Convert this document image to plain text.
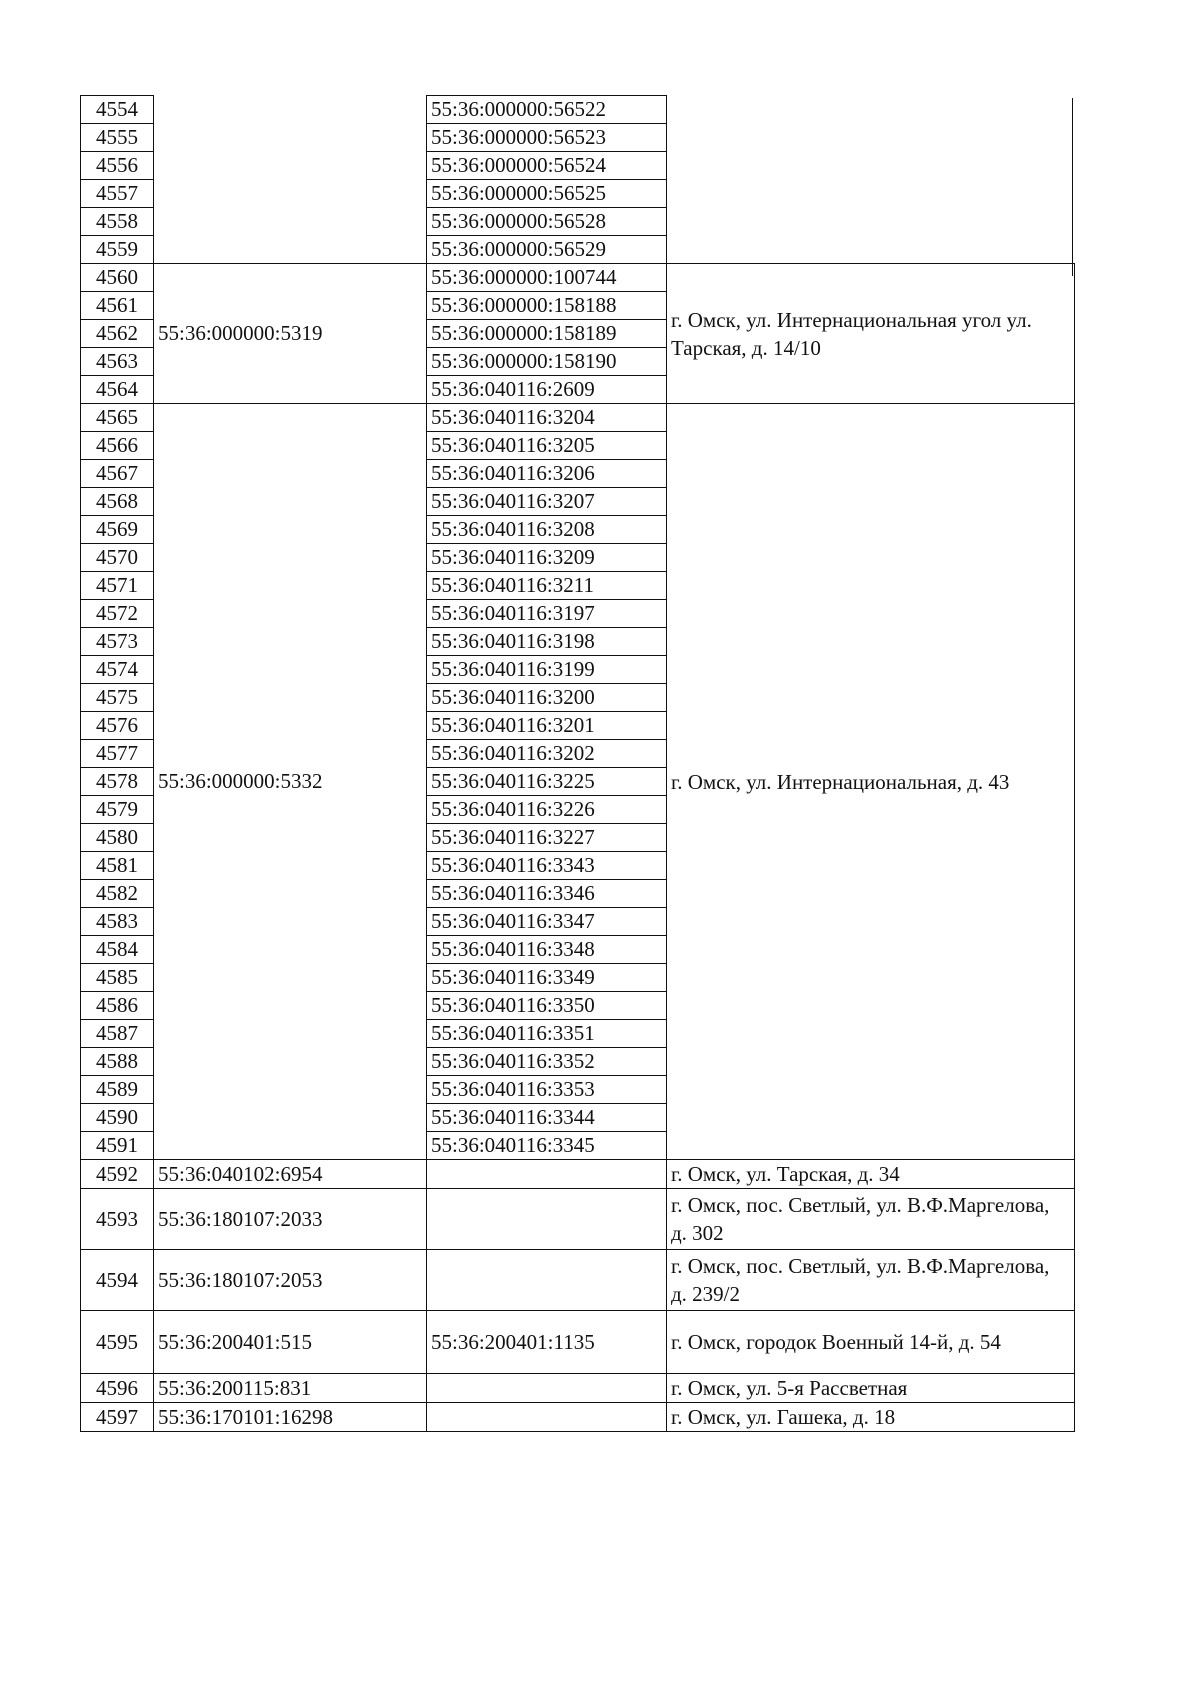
4554		55:36:000000:56522	
4555		55:36:000000:56523	
4556		55:36:000000:56524	
4557		55:36:000000:56525	
4558		55:36:000000:56528	
4559		55:36:000000:56529	
4560	55:36:000000:5319	55:36:000000:100744	г. Омск, ул. Интернациональная угол ул. Тарская, д. 14/10
4561		55:36:000000:158188	
4562		55:36:000000:158189	
4563		55:36:000000:158190	
4564		55:36:040116:2609	
4565	55:36:000000:5332	55:36:040116:3204	г. Омск, ул. Интернациональная, д. 43
4566		55:36:040116:3205	
4567		55:36:040116:3206	
4568		55:36:040116:3207	
4569		55:36:040116:3208	
4570		55:36:040116:3209	
4571		55:36:040116:3211	
4572		55:36:040116:3197	
4573		55:36:040116:3198	
4574		55:36:040116:3199	
4575		55:36:040116:3200	
4576		55:36:040116:3201	
4577		55:36:040116:3202	
4578		55:36:040116:3225	
4579		55:36:040116:3226	
4580		55:36:040116:3227	
4581		55:36:040116:3343	
4582		55:36:040116:3346	
4583		55:36:040116:3347	
4584		55:36:040116:3348	
4585		55:36:040116:3349	
4586		55:36:040116:3350	
4587		55:36:040116:3351	
4588		55:36:040116:3352	
4589		55:36:040116:3353	
4590		55:36:040116:3344	
4591		55:36:040116:3345	
4592	55:36:040102:6954		г. Омск, ул. Тарская, д. 34
4593	55:36:180107:2033		г. Омск, пос. Светлый, ул. В.Ф.Маргелова, д. 302
4594	55:36:180107:2053		г. Омск, пос. Светлый, ул. В.Ф.Маргелова, д. 239/2
4595	55:36:200401:515	55:36:200401:1135	г. Омск, городок Военный 14-й, д. 54
4596	55:36:200115:831		г. Омск, ул. 5-я Рассветная
4597	55:36:170101:16298		г. Омск, ул. Гашека, д. 18
